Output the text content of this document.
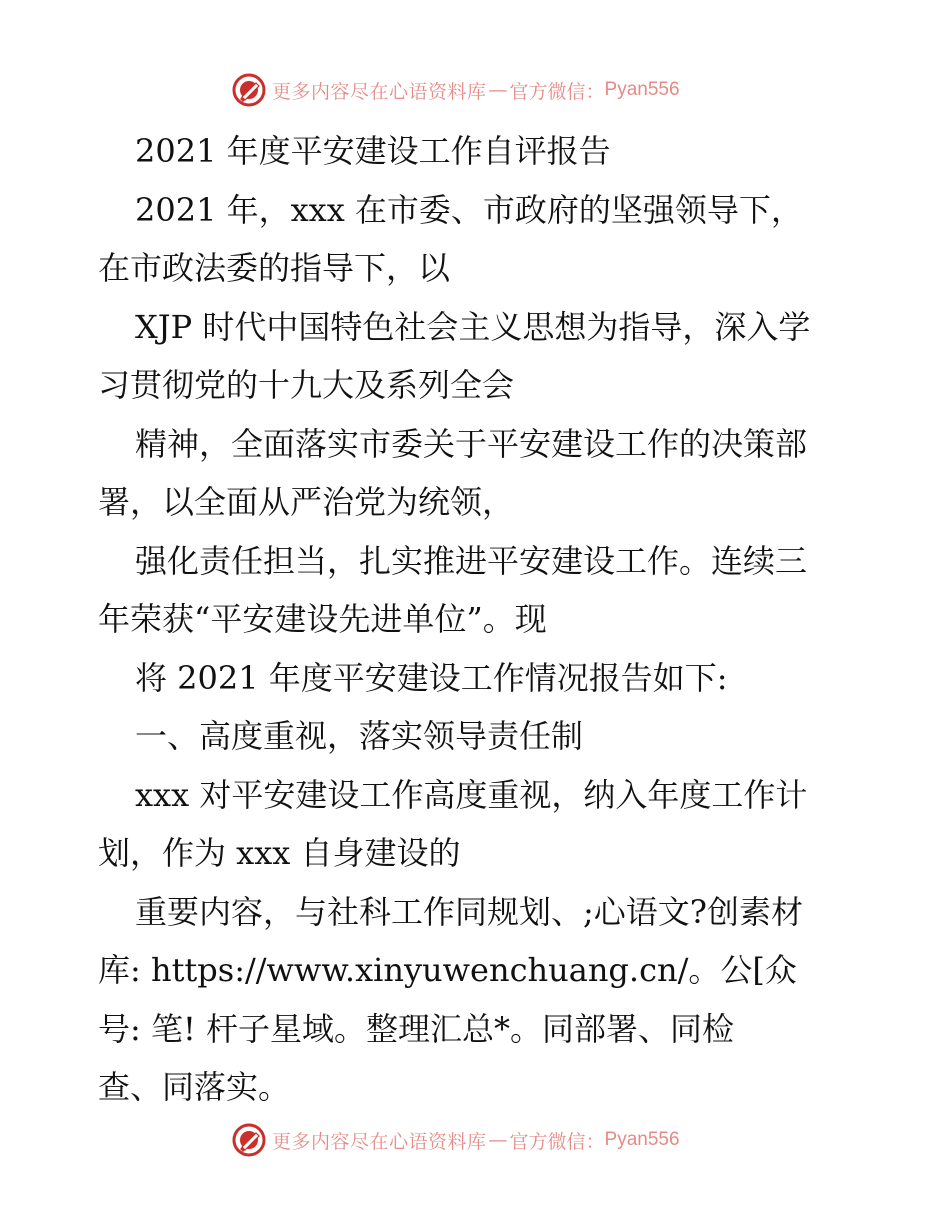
更多内容尽在心语资料库 — 官方微信： Pyan556
2021 年度平安建设工作自评报告
2021 年，xxx 在市委、市政府的坚强领导下，
在市政法委的指导下，以
XJP 时代中国特色社会主义思想为指导，深入学
习贯彻党的十九大及系列全会
精神，全面落实市委关于平安建设工作的决策部
署，以全面从严治党为统领，
强化责任担当，扎实推进平安建设工作。连续三
年荣获“平安建设先进单位”。现
将 2021 年度平安建设工作情况报告如下:
一、高度重视，落实领导责任制
xxx 对平安建设工作高度重视，纳入年度工作计
划，作为 xxx 自身建设的
重要内容，与社科工作同规划、;心语文?创素材
库: https://www.xinyuwenchuang.cn/。公[众
号: 笔! 杆子星域。整理汇总*。同部署、同检
查、同落实。
更多内容尽在心语资料库 — 官方微信： Pyan556
